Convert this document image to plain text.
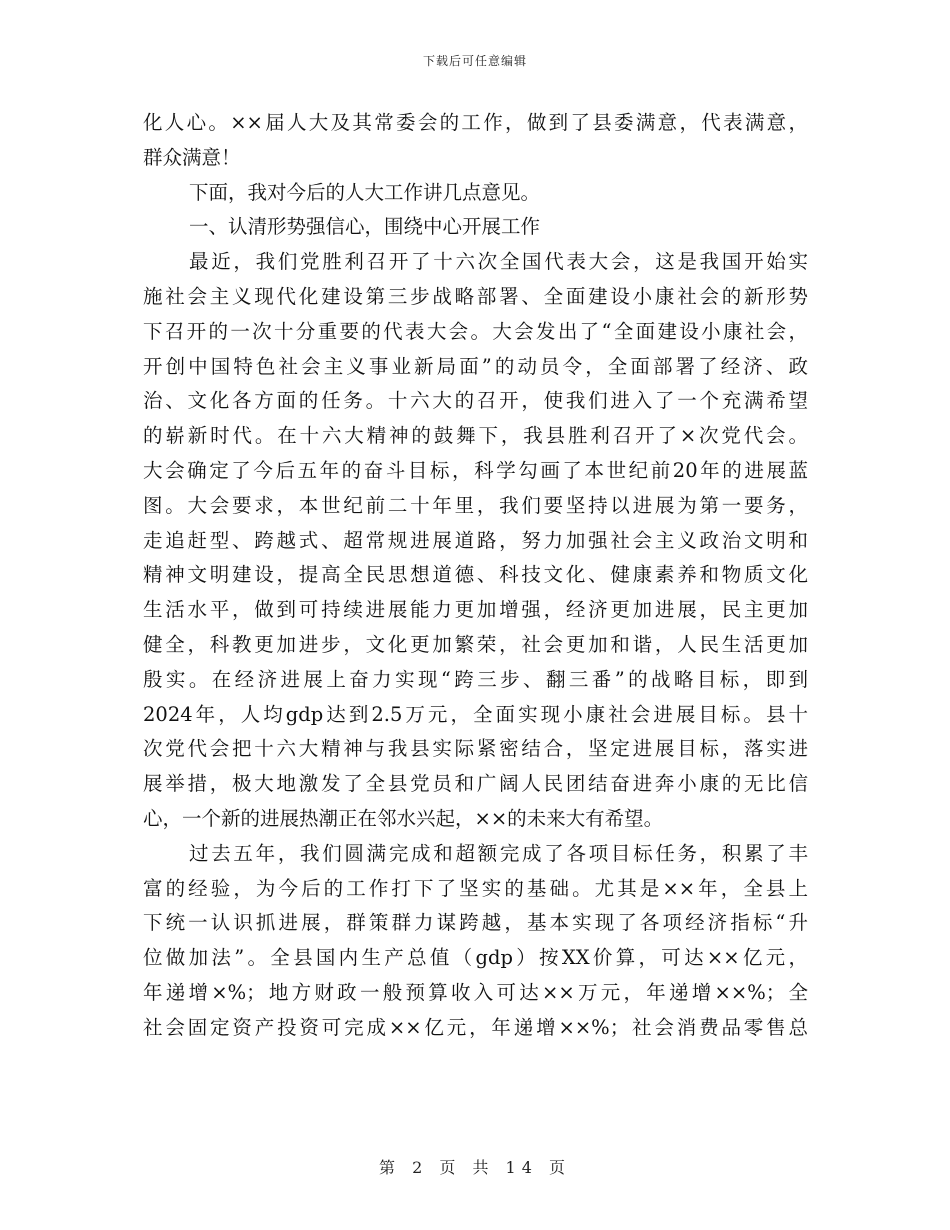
下载后可任意编辑
化人心。××届人大及其常委会的工作，做到了县委满意，代表满意，
群众满意！
下面，我对今后的人大工作讲几点意见。
一、认清形势强信心，围绕中心开展工作
最近，我们党胜利召开了十六次全国代表大会，这是我国开始实
施社会主义现代化建设第三步战略部署、全面建设小康社会的新形势
下召开的一次十分重要的代表大会。大会发出了“全面建设小康社会，
开创中国特色社会主义事业新局面”的动员令，全面部署了经济、政
治、文化各方面的任务。十六大的召开，使我们进入了一个充满希望
的崭新时代。在十六大精神的鼓舞下，我县胜利召开了×次党代会。
大会确定了今后五年的奋斗目标，科学勾画了本世纪前20年的进展蓝
图。大会要求，本世纪前二十年里，我们要坚持以进展为第一要务，
走追赶型、跨越式、超常规进展道路，努力加强社会主义政治文明和
精神文明建设，提高全民思想道德、科技文化、健康素养和物质文化
生活水平，做到可持续进展能力更加增强，经济更加进展，民主更加
健全，科教更加进步，文化更加繁荣，社会更加和谐，人民生活更加
殷实。在经济进展上奋力实现“跨三步、翻三番”的战略目标，即到
2024年，人均gdp达到2.5万元，全面实现小康社会进展目标。县十
次党代会把十六大精神与我县实际紧密结合，坚定进展目标，落实进
展举措，极大地激发了全县党员和广阔人民团结奋进奔小康的无比信
心，一个新的进展热潮正在邻水兴起，××的未来大有希望。
过去五年，我们圆满完成和超额完成了各项目标任务，积累了丰
富的经验，为今后的工作打下了坚实的基础。尤其是××年，全县上
下统一认识抓进展，群策群力谋跨越，基本实现了各项经济指标“升
位做加法”。全县国内生产总值（gdp）按XX价算，可达××亿元，
年递增×%；地方财政一般预算收入可达××万元，年递增××%；全
社会固定资产投资可完成××亿元，年递增××%；社会消费品零售总
第 2 页 共 14 页
